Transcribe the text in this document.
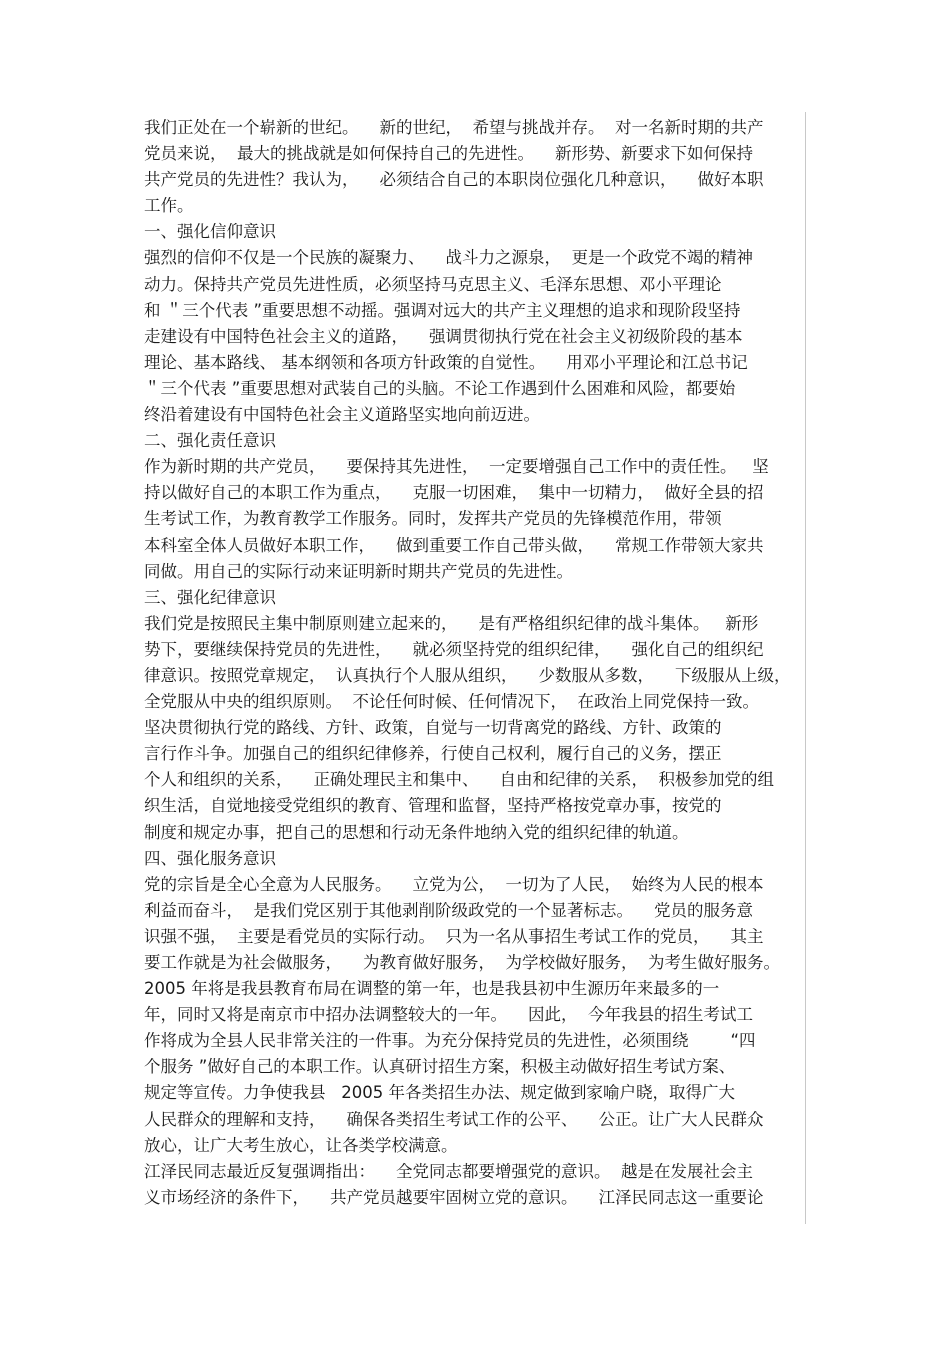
我们正处在一个崭新的世纪。    新的世纪，  希望与挑战并存。  对一名新时期的共产
党员来说，  最大的挑战就是如何保持自己的先进性。    新形势、新要求下如何保持
共产党员的先进性？我认为，    必须结合自己的本职岗位强化几种意识，    做好本职
工作。
一、强化信仰意识
强烈的信仰不仅是一个民族的凝聚力、    战斗力之源泉，  更是一个政党不竭的精神
动力。保持共产党员先进性质，必须坚持马克思主义、毛泽东思想、邓小平理论
和 ＂三个代表 ”重要思想不动摇。强调对远大的共产主义理想的追求和现阶段坚持
走建设有中国特色社会主义的道路，    强调贯彻执行党在社会主义初级阶段的基本
理论、基本路线、 基本纲领和各项方针政策的自觉性。    用邓小平理论和江总书记
＂三个代表 ”重要思想对武装自己的头脑。不论工作遇到什么困难和风险，都要始
终沿着建设有中国特色社会主义道路坚实地向前迈进。
二、强化责任意识
作为新时期的共产党员，    要保持其先进性，  一定要增强自己工作中的责任性。   坚
持以做好自己的本职工作为重点，    克服一切困难，  集中一切精力，  做好全县的招
生考试工作，为教育教学工作服务。同时，发挥共产党员的先锋模范作用，带领
本科室全体人员做好本职工作，    做到重要工作自己带头做，    常规工作带领大家共
同做。用自己的实际行动来证明新时期共产党员的先进性。
三、强化纪律意识
我们党是按照民主集中制原则建立起来的，    是有严格组织纪律的战斗集体。   新形
势下，要继续保持党员的先进性，    就必须坚持党的组织纪律，    强化自己的组织纪
律意识。按照党章规定，  认真执行个人服从组织，    少数服从多数，    下级服从上级，
全党服从中央的组织原则。  不论任何时候、任何情况下，  在政治上同党保持一致。
坚决贯彻执行党的路线、方针、政策，自觉与一切背离党的路线、方针、政策的
言行作斗争。加强自己的组织纪律修养，行使自己权利，履行自己的义务，摆正
个人和组织的关系，    正确处理民主和集中、    自由和纪律的关系，  积极参加党的组
织生活，自觉地接受党组织的教育、管理和监督，坚持严格按党章办事，按党的
制度和规定办事，把自己的思想和行动无条件地纳入党的组织纪律的轨道。
四、强化服务意识
党的宗旨是全心全意为人民服务。    立党为公，  一切为了人民，  始终为人民的根本
利益而奋斗，  是我们党区别于其他剥削阶级政党的一个显著标志。    党员的服务意
识强不强，  主要是看党员的实际行动。  只为一名从事招生考试工作的党员，    其主
要工作就是为社会做服务，    为教育做好服务，  为学校做好服务，  为考生做好服务。
2005 年将是我县教育布局在调整的第一年，也是我县初中生源历年来最多的一
年，同时又将是南京市中招办法调整较大的一年。    因此，  今年我县的招生考试工
作将成为全县人民非常关注的一件事。为充分保持党员的先进性，必须围绕        “四
个服务 ”做好自己的本职工作。认真研讨招生方案，积极主动做好招生考试方案、
规定等宣传。力争使我县   2005 年各类招生办法、规定做到家喻户晓，取得广大
人民群众的理解和支持，    确保各类招生考试工作的公平、    公正。让广大人民群众
放心，让广大考生放心，让各类学校满意。
江泽民同志最近反复强调指出：    全党同志都要增强党的意识。  越是在发展社会主
义市场经济的条件下，    共产党员越要牢固树立党的意识。    江泽民同志这一重要论
